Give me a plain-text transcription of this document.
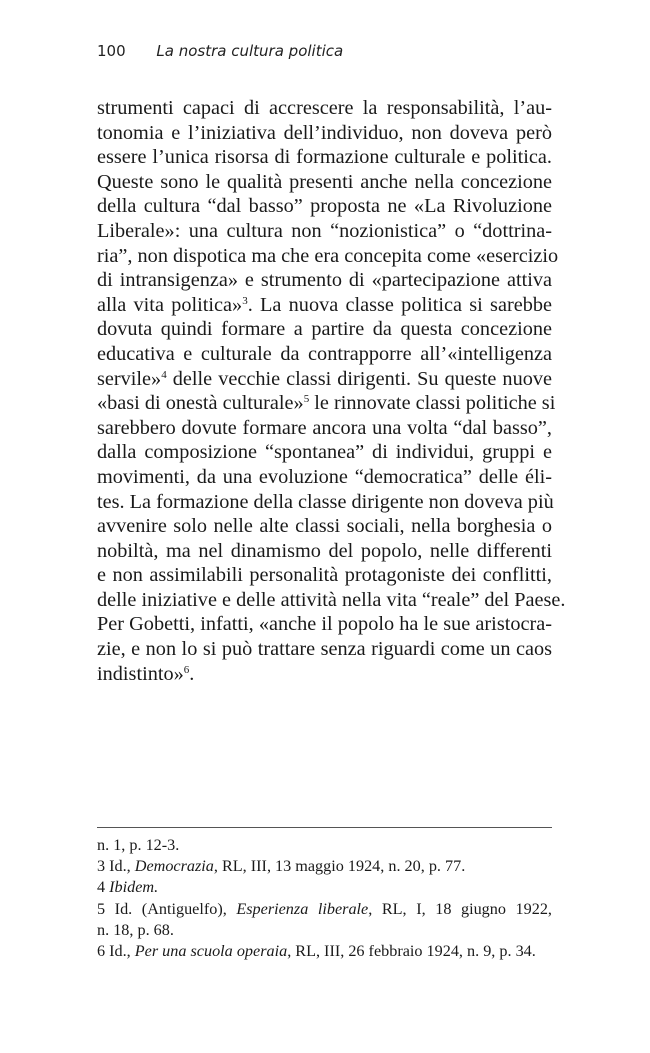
100 La nostra cultura politica
strumenti capaci di accrescere la responsabilità, l’au-
tonomia e l’iniziativa dell’individuo, non doveva però
essere l’unica risorsa di formazione culturale e politica.
Queste sono le qualità presenti anche nella concezione
della cultura “dal basso” proposta ne «La Rivoluzione
Liberale»: una cultura non “nozionistica” o “dottrina-
ria”, non dispotica ma che era concepita come «esercizio
di intransigenza» e strumento di «partecipazione attiva
alla vita politica»$^3$. La nuova classe politica si sarebbe
dovuta quindi formare a partire da questa concezione
educativa e culturale da contrapporre all’«intelligenza
servile»$^4$ delle vecchie classi dirigenti. Su queste nuove
«basi di onestà culturale»$^5$ le rinnovate classi politiche si
sarebbero dovute formare ancora una volta “dal basso”,
dalla composizione “spontanea” di individui, gruppi e
movimenti, da una evoluzione “democratica” delle éli-
tes. La formazione della classe dirigente non doveva più
avvenire solo nelle alte classi sociali, nella borghesia o
nobiltà, ma nel dinamismo del popolo, nelle differenti
e non assimilabili personalità protagoniste dei conflitti,
delle iniziative e delle attività nella vita “reale” del Paese.
Per Gobetti, infatti, «anche il popolo ha le sue aristocra-
zie, e non lo si può trattare senza riguardi come un caos
indistinto»$^6$.
n. 1, p. 12-3.
3 Id., Democrazia, RL, III, 13 maggio 1924, n. 20, p. 77.
4 Ibidem.
5 Id. (Antiguelfo), Esperienza liberale, RL, I, 18 giugno 1922,
n. 18, p. 68.
6 Id., Per una scuola operaia, RL, III, 26 febbraio 1924, n. 9, p. 34.
